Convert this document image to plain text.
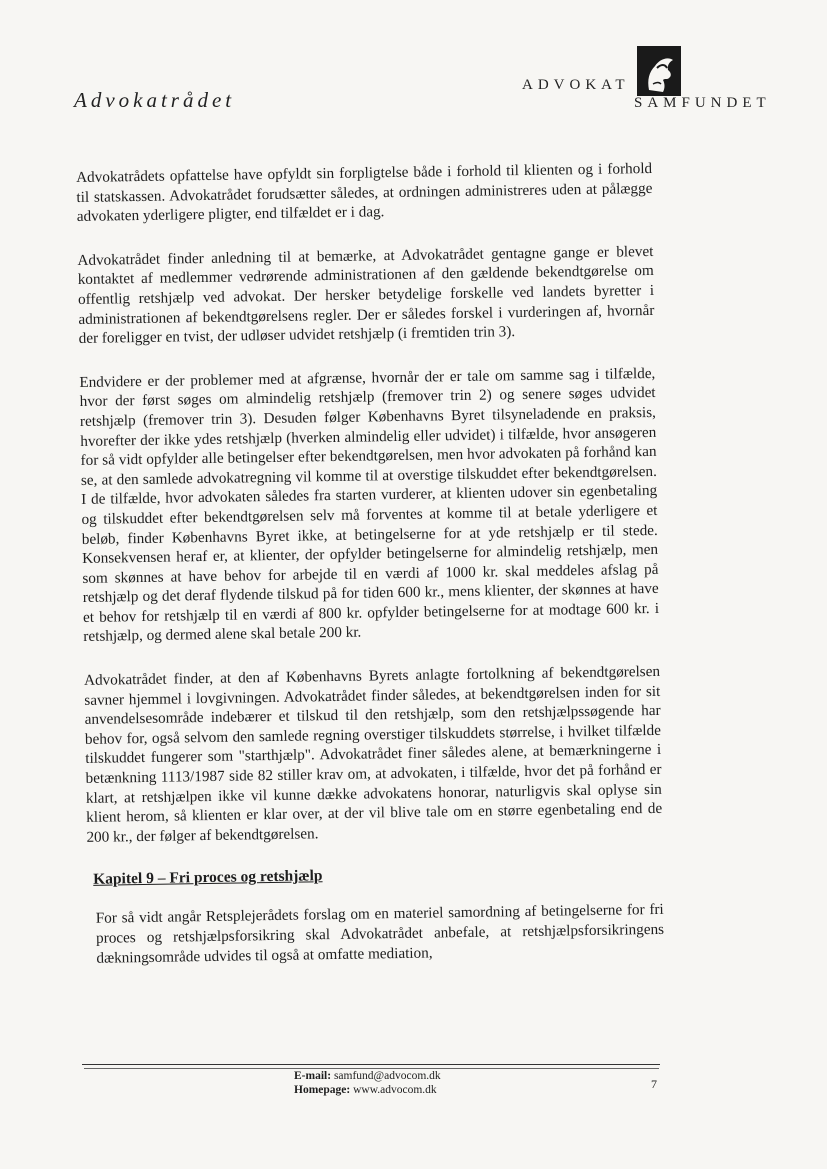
Advokatrådet
ADVOKAT
SAMFUNDET

Advokatrådets opfattelse have opfyldt sin forpligtelse både i forhold til klienten og i forhold til statskassen. Advokatrådet forudsætter således, at ordningen administreres uden at pålægge advokaten yderligere pligter, end tilfældet er i dag.

Advokatrådet finder anledning til at bemærke, at Advokatrådet gentagne gange er blevet kontaktet af medlemmer vedrørende administrationen af den gældende bekendtgørelse om offentlig retshjælp ved advokat. Der hersker betydelige forskelle ved landets byretter i administrationen af bekendtgørelsens regler. Der er således forskel i vurderingen af, hvornår der foreligger en tvist, der udløser udvidet retshjælp (i fremtiden trin 3).

Endvidere er der problemer med at afgrænse, hvornår der er tale om samme sag i tilfælde, hvor der først søges om almindelig retshjælp (fremover trin 2) og senere søges udvidet retshjælp (fremover trin 3). Desuden følger Københavns Byret tilsyneladende en praksis, hvorefter der ikke ydes retshjælp (hverken almindelig eller udvidet) i tilfælde, hvor ansøgeren for så vidt opfylder alle betingelser efter bekendtgørelsen, men hvor advokaten på forhånd kan se, at den samlede advokatregning vil komme til at overstige tilskuddet efter bekendtgørelsen. I de tilfælde, hvor advokaten således fra starten vurderer, at klienten udover sin egenbetaling og tilskuddet efter bekendtgørelsen selv må forventes at komme til at betale yderligere et beløb, finder Københavns Byret ikke, at betingelserne for at yde retshjælp er til stede. Konsekvensen heraf er, at klienter, der opfylder betingelserne for almindelig retshjælp, men som skønnes at have behov for arbejde til en værdi af 1000 kr. skal meddeles afslag på retshjælp og det deraf flydende tilskud på for tiden 600 kr., mens klienter, der skønnes at have et behov for retshjælp til en værdi af 800 kr. opfylder betingelserne for at modtage 600 kr. i retshjælp, og dermed alene skal betale 200 kr.

Advokatrådet finder, at den af Københavns Byrets anlagte fortolkning af bekendtgørelsen savner hjemmel i lovgivningen. Advokatrådet finder således, at bekendtgørelsen inden for sit anvendelsesområde indebærer et tilskud til den retshjælp, som den retshjælpssøgende har behov for, også selvom den samlede regning overstiger tilskuddets størrelse, i hvilket tilfælde tilskuddet fungerer som "starthjælp". Advokatrådet finer således alene, at bemærkningerne i betænkning 1113/1987 side 82 stiller krav om, at advokaten, i tilfælde, hvor det på forhånd er klart, at retshjælpen ikke vil kunne dække advokatens honorar, naturligvis skal oplyse sin klient herom, så klienten er klar over, at der vil blive tale om en større egenbetaling end de 200 kr., der følger af bekendtgørelsen.

Kapitel 9 – Fri proces og retshjælp

For så vidt angår Retsplejerådets forslag om en materiel samordning af betingelserne for fri proces og retshjælpsforsikring skal Advokatrådet anbefale, at retshjælpsforsikringens dækningsområde udvides til også at omfatte mediation,

E-mail: samfund@advocom.dk
Homepage: www.advocom.dk	7
